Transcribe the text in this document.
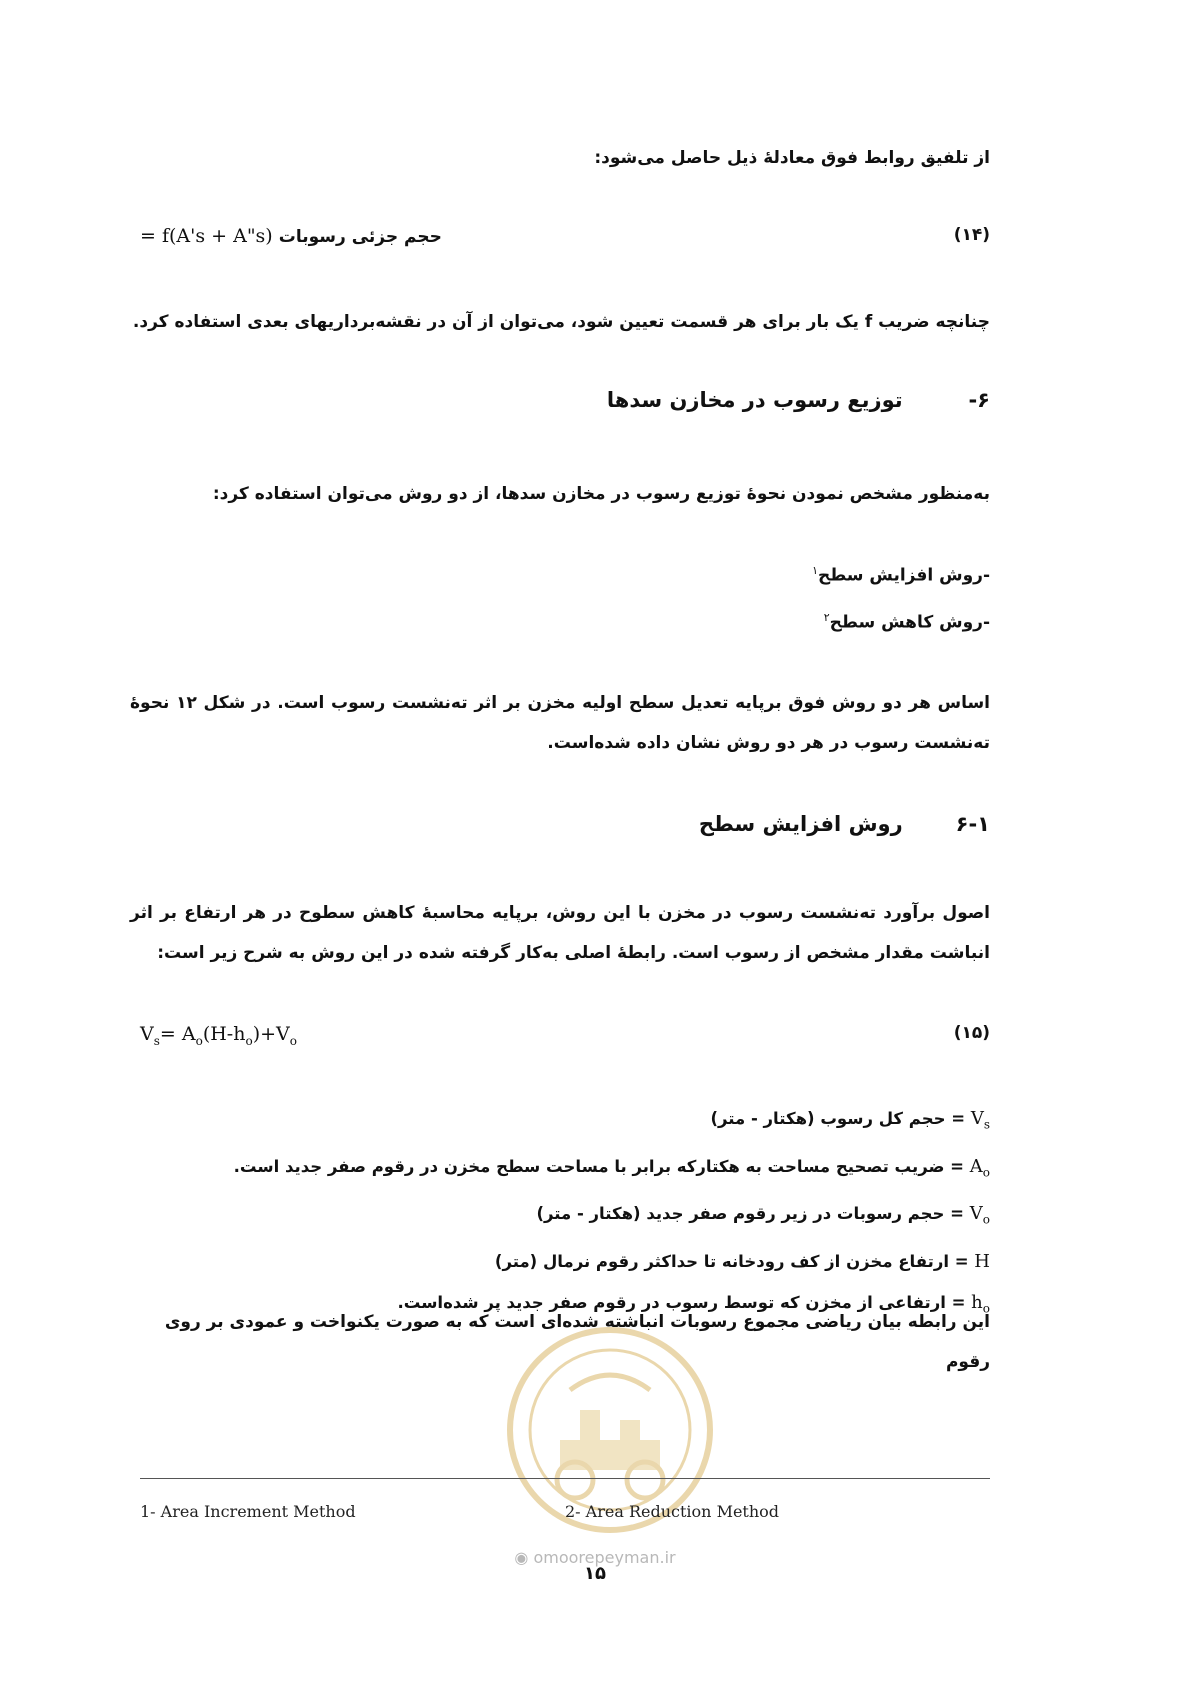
از تلفیق روابط فوق معادلهٔ ذیل حاصل می‌شود:
(۱۴)
حجم جزئی رسوبات = f(A's + A"s)
چنانچه ضریب f یک بار برای هر قسمت تعیین شود، می‌توان از آن در نقشه‌برداریهای بعدی استفاده کرد.
۶- توزیع رسوب در مخازن سدها
به‌منظور مشخص نمودن نحوهٔ توزیع رسوب در مخازن سدها، از دو روش می‌توان استفاده کرد:
-روش افزایش سطح$^۱$
-روش کاهش سطح$^۲$
اساس هر دو روش فوق برپایه تعدیل سطح اولیه مخزن بر اثر ته‌نشست رسوب است. در شکل ۱۲ نحوهٔ ته‌نشست رسوب در هر دو روش نشان داده شده‌است.
۶-۱ روش افزایش سطح
اصول برآورد ته‌نشست رسوب در مخزن با این روش، برپایه محاسبهٔ کاهش سطوح در هر ارتفاع بر اثر انباشت مقدار مشخص از رسوب است. رابطهٔ اصلی به‌کار گرفته شده در این روش به شرح زیر است:
(۱۵)
$V_s= A_o(H-h_o)+V_o$
$V_s$ = حجم کل رسوب (هکتار - متر)
$A_o$ = ضریب تصحیح مساحت به هکتارکه برابر با مساحت سطح مخزن در رقوم صفر جدید است.
$V_o$ = حجم رسوبات در زیر رقوم صفر جدید (هکتار - متر)
H = ارتفاع مخزن از کف رودخانه تا حداکثر رقوم نرمال (متر)
$h_o$ = ارتفاعی از مخزن که توسط رسوب در رقوم صفر جدید پر شده‌است.
این رابطه بیان ریاضی مجموع رسوبات انباشته شده‌ای است که به صورت یکنواخت و عمودی بر روی رقوم
1- Area Increment Method	2- Area Reduction Method
◉ omoorepeyman.ir
۱۵
